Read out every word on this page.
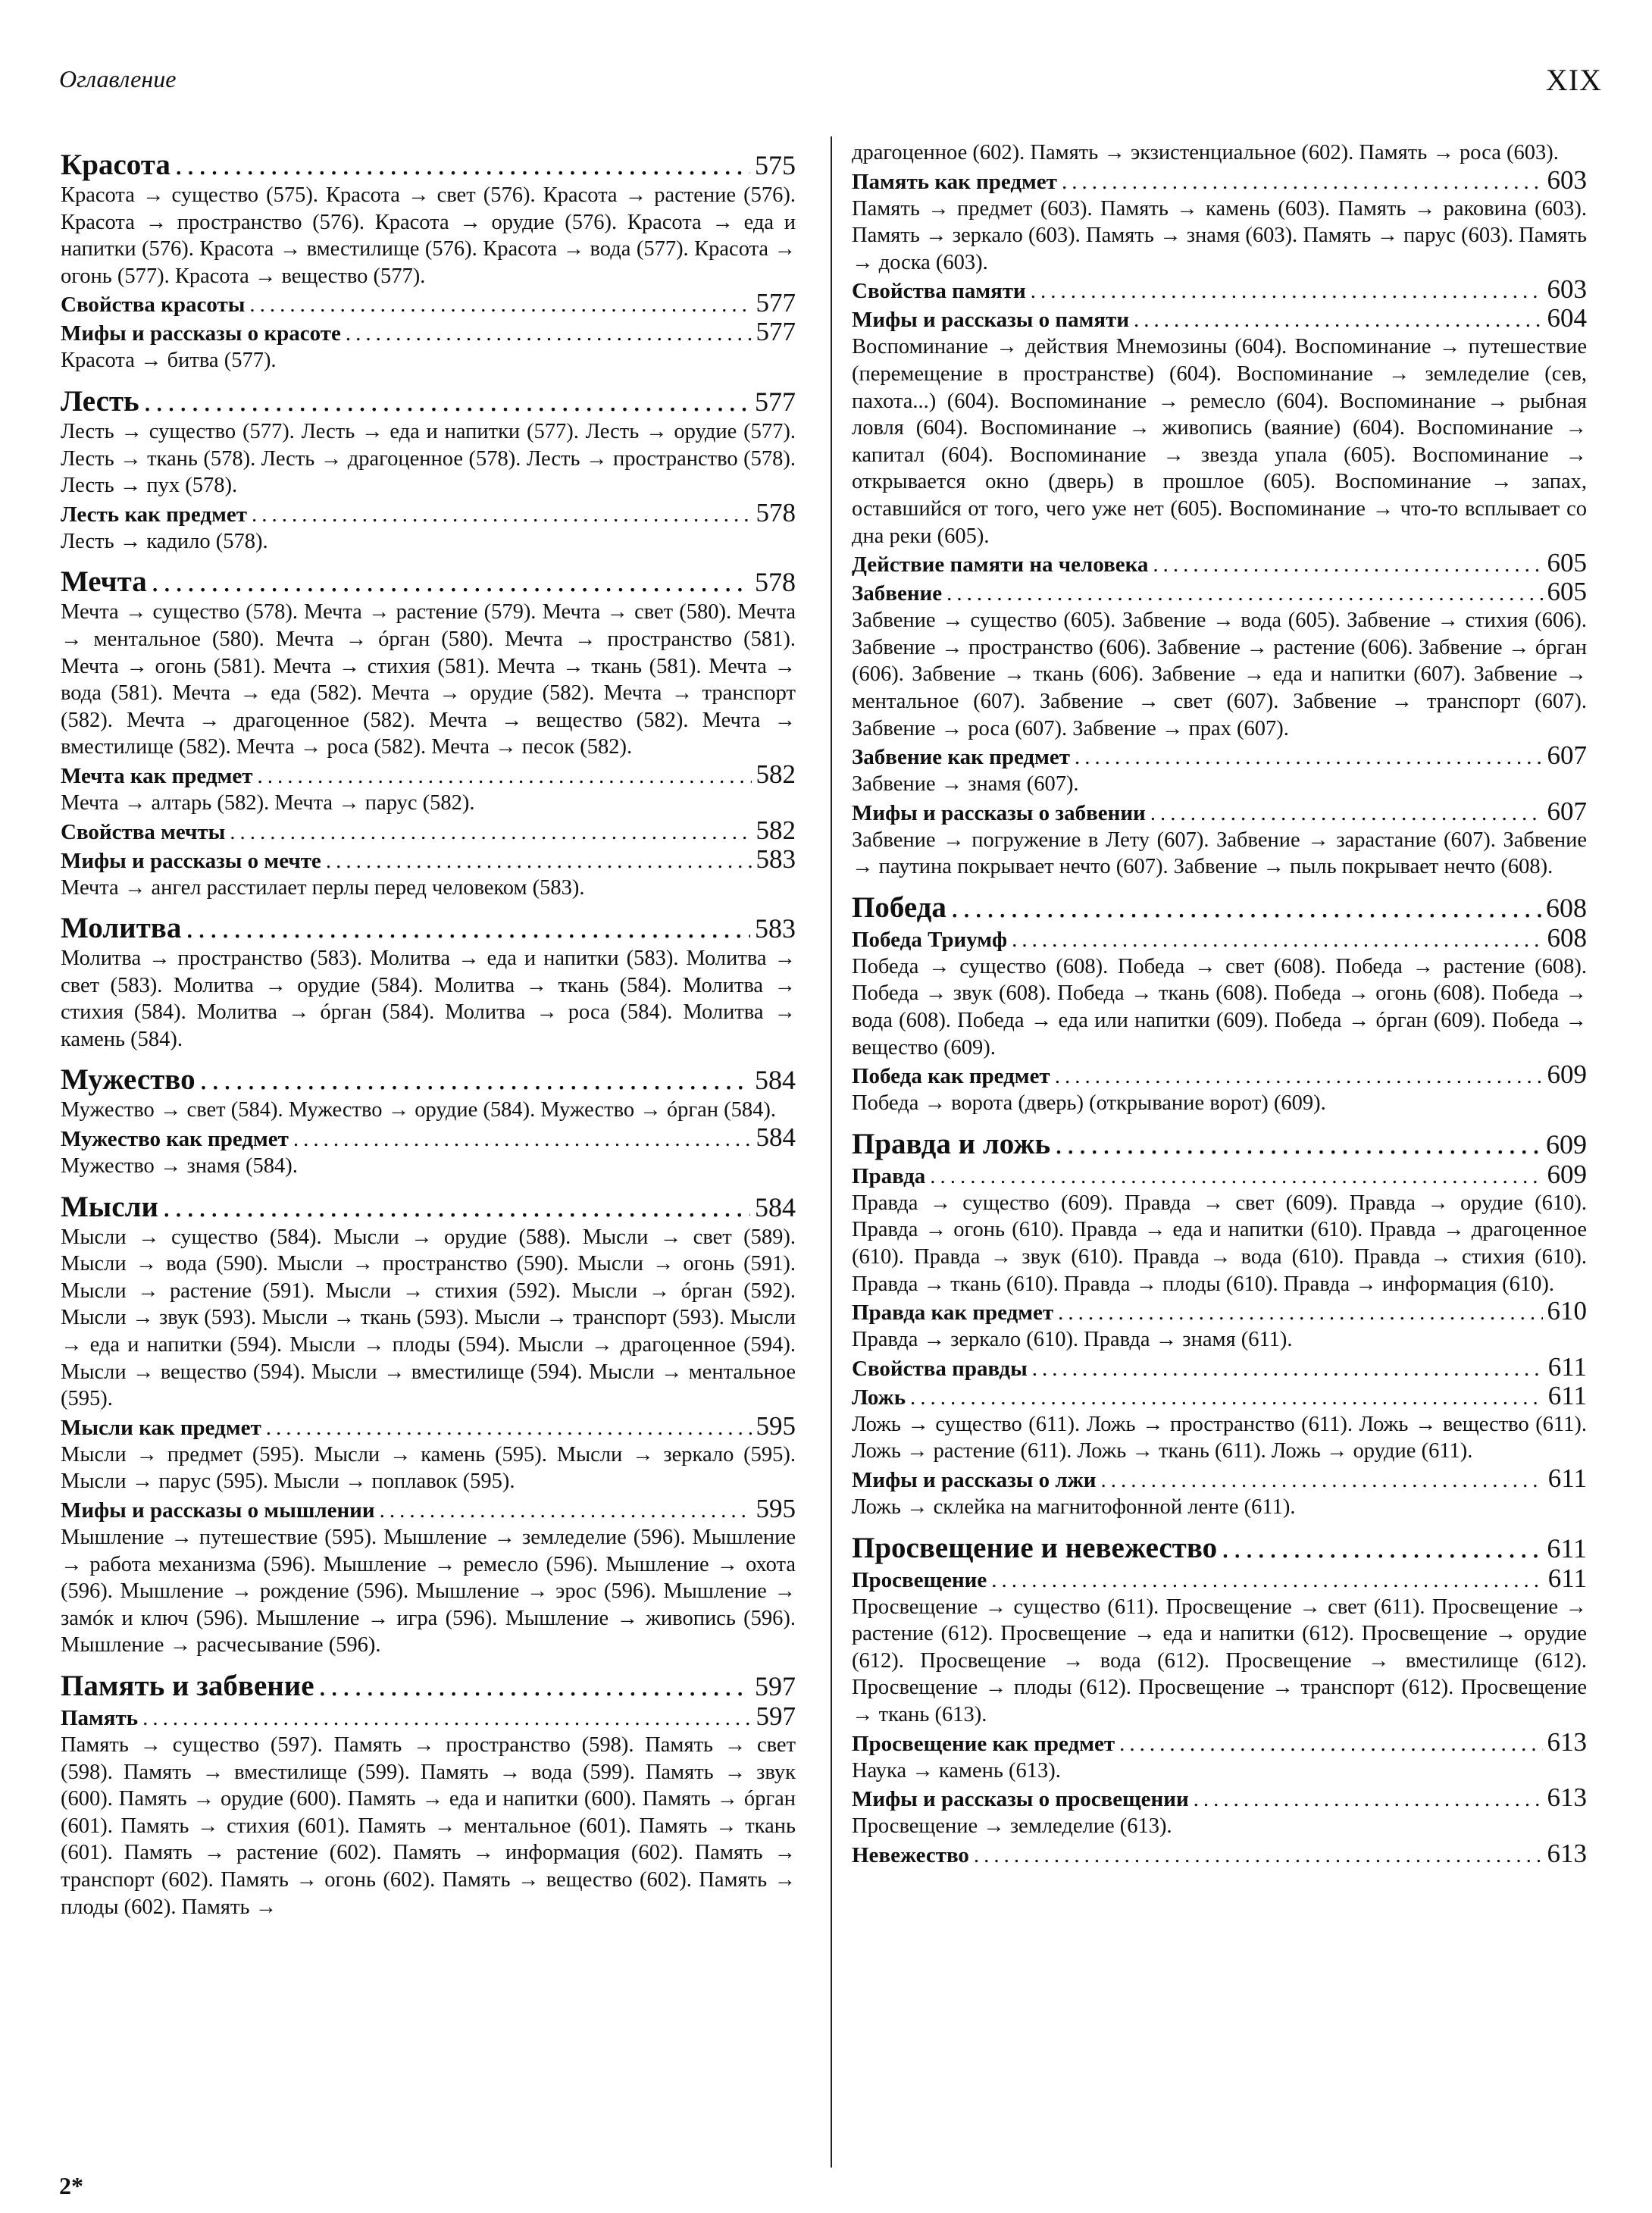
Оглавление	XIX
Красота .....	575

Красота → существо (575). Красота → свет (576). Красота → растение (576). Красота → пространство (576). Красота → орудие (576). Красота → еда и напитки (576). Красота → вместилище (576). Красота → вода (577). Красота → огонь (577). Красота → вещество (577).

Свойства красоты .....	577
Мифы и рассказы о красоте .....	577

Красота → битва (577).

Лесть .....	577

Лесть → существо (577). Лесть → еда и напитки (577). Лесть → орудие (577). Лесть → ткань (578). Лесть → драгоценное (578). Лесть → пространство (578). Лесть → пух (578).

Лесть как предмет .....	578

Лесть → кадило (578).

Мечта .....	578

Мечта → существо (578). Мечта → растение (579). Мечта → свет (580). Мечта → ментальное (580). Мечта → óрган (580). Мечта → пространство (581). Мечта → огонь (581). Мечта → стихия (581). Мечта → ткань (581). Мечта → вода (581). Мечта → еда (582). Мечта → орудие (582). Мечта → транспорт (582). Мечта → драгоценное (582). Мечта → вещество (582). Мечта → вместилище (582). Мечта → роса (582). Мечта → песок (582).

Мечта как предмет .....	582

Мечта → алтарь (582). Мечта → парус (582).

Свойства мечты .....	582
Мифы и рассказы о мечте .....	583

Мечта → ангел расстилает перлы перед человеком (583).

Молитва .....	583

Молитва → пространство (583). Молитва → еда и напитки (583). Молитва → свет (583). Молитва → орудие (584). Молитва → ткань (584). Молитва → стихия (584). Молитва → óрган (584). Молитва → роса (584). Молитва → камень (584).

Мужество .....	584

Мужество → свет (584). Мужество → орудие (584). Мужество → óрган (584).

Мужество как предмет .....	584

Мужество → знамя (584).

Мысли .....	584

Мысли → существо (584). Мысли → орудие (588). Мысли → свет (589). Мысли → вода (590). Мысли → пространство (590). Мысли → огонь (591). Мысли → растение (591). Мысли → стихия (592). Мысли → óрган (592). Мысли → звук (593). Мысли → ткань (593). Мысли → транспорт (593). Мысли → еда и напитки (594). Мысли → плоды (594). Мысли → драгоценное (594). Мысли → вещество (594). Мысли → вместилище (594). Мысли → ментальное (595).

Мысли как предмет .....	595

Мысли → предмет (595). Мысли → камень (595). Мысли → зеркало (595). Мысли → парус (595). Мысли → поплавок (595).

Мифы и рассказы о мышлении .....	595

Мышление → путешествие (595). Мышление → земледелие (596). Мышление → работа механизма (596). Мышление → ремесло (596). Мышление → охота (596). Мышление → рождение (596). Мышление → эрос (596). Мышление → замóк и ключ (596). Мышление → игра (596). Мышление → живопись (596). Мышление → расчесывание (596).

Память и забвение .....	597
Память .....	597

Память → существо (597). Память → пространство (598). Память → свет (598). Память → вместилище (599). Память → вода (599). Память → звук (600). Память → орудие (600). Память → еда и напитки (600). Память → óрган (601). Память → стихия (601). Память → ментальное (601). Память → ткань (601). Память → растение (602). Память → информация (602). Память → транспорт (602). Память → огонь (602). Память → вещество (602). Память → плоды (602). Память →

драгоценное (602). Память → экзистенциальное (602). Память → роса (603).

Память как предмет .....	603

Память → предмет (603). Память → камень (603). Память → раковина (603). Память → зеркало (603). Память → знамя (603). Память → парус (603). Память → доска (603).

Свойства памяти .....	603
Мифы и рассказы о памяти .....	604

Воспоминание → действия Мнемозины (604). Воспоминание → путешествие (перемещение в пространстве) (604). Воспоминание → земледелие (сев, пахота...) (604). Воспоминание → ремесло (604). Воспоминание → рыбная ловля (604). Воспоминание → живопись (ваяние) (604). Воспоминание → капитал (604). Воспоминание → звезда упала (605). Воспоминание → открывается окно (дверь) в прошлое (605). Воспоминание → запах, оставшийся от того, чего уже нет (605). Воспоминание → что-то всплывает со дна реки (605).

Действие памяти на человека .....	605
Забвение .....	605

Забвение → существо (605). Забвение → вода (605). Забвение → стихия (606). Забвение → пространство (606). Забвение → растение (606). Забвение → óрган (606). Забвение → ткань (606). Забвение → еда и напитки (607). Забвение → ментальное (607). Забвение → свет (607). Забвение → транспорт (607). Забвение → роса (607). Забвение → прах (607).

Забвение как предмет .....	607

Забвение → знамя (607).

Мифы и рассказы о забвении .....	607

Забвение → погружение в Лету (607). Забвение → зарастание (607). Забвение → паутина покрывает нечто (607). Забвение → пыль покрывает нечто (608).

Победа .....	608
Победа Триумф .....	608

Победа → существо (608). Победа → свет (608). Победа → растение (608). Победа → звук (608). Победа → ткань (608). Победа → огонь (608). Победа → вода (608). Победа → еда или напитки (609). Победа → óрган (609). Победа → вещество (609).

Победа как предмет .....	609

Победа → ворота (дверь) (открывание ворот) (609).

Правда и ложь .....	609
Правда .....	609

Правда → существо (609). Правда → свет (609). Правда → орудие (610). Правда → огонь (610). Правда → еда и напитки (610). Правда → драгоценное (610). Правда → звук (610). Правда → вода (610). Правда → стихия (610). Правда → ткань (610). Правда → плоды (610). Правда → информация (610).

Правда как предмет .....	610

Правда → зеркало (610). Правда → знамя (611).

Свойства правды .....	611
Ложь .....	611

Ложь → существо (611). Ложь → пространство (611). Ложь → вещество (611). Ложь → растение (611). Ложь → ткань (611). Ложь → орудие (611).

Мифы и рассказы о лжи .....	611

Ложь → склейка на магнитофонной ленте (611).

Просвещение и невежество .....	611
Просвещение .....	611

Просвещение → существо (611). Просвещение → свет (611). Просвещение → растение (612). Просвещение → еда и напитки (612). Просвещение → орудие (612). Просвещение → вода (612). Просвещение → вместилище (612). Просвещение → плоды (612). Просвещение → транспорт (612). Просвещение → ткань (613).

Просвещение как предмет .....	613

Наука → камень (613).

Мифы и рассказы о просвещении .....	613

Просвещение → земледелие (613).

Невежество .....	613
2*
